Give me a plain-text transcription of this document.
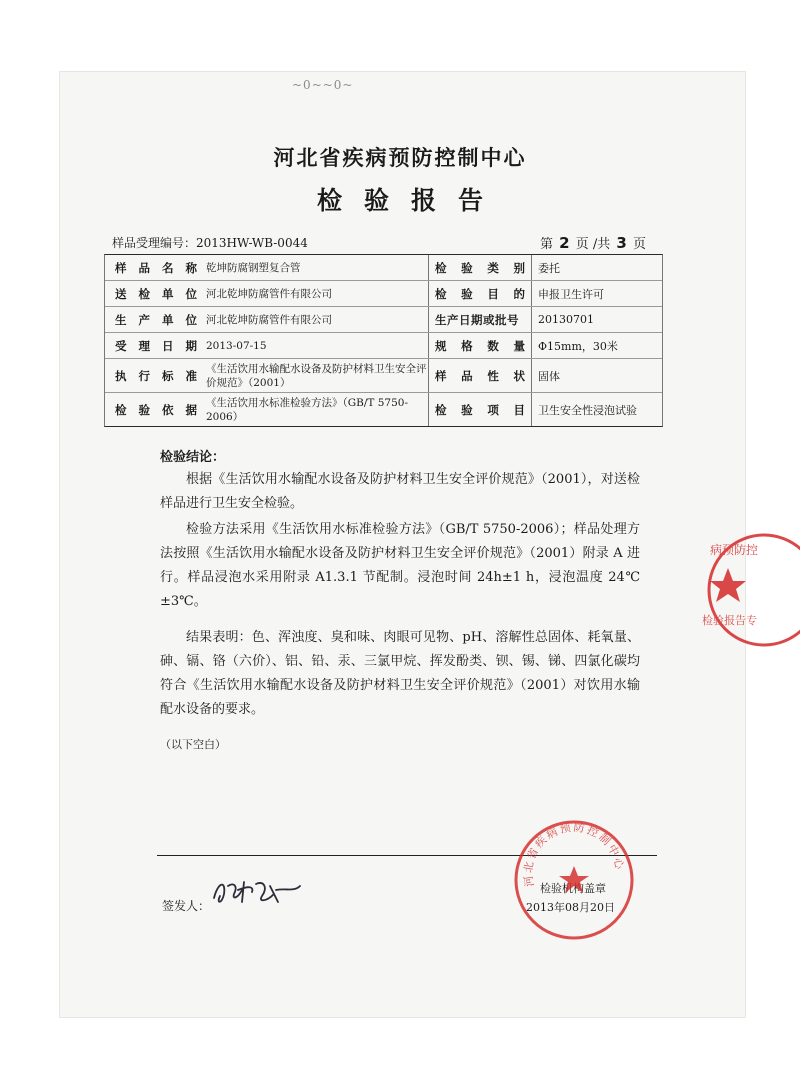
~0~~0~
河北省疾病预防控制中心
检验报告
样品受理编号：2013HW-WB-0044	第 2 页 /共 3 页
样 品 名 称 乾坤防腐钢塑复合管	检 验 类 别	委托
送 检 单 位 河北乾坤防腐管件有限公司	检 验 目 的	申报卫生许可
生 产 单 位 河北乾坤防腐管件有限公司	生产日期或批号	20130701
受 理 日 期 2013-07-15	规 格 数 量	Φ15mm，30米
执 行 标 准 《生活饮用水输配水设备及防护材料卫生安全评价规范》（2001）	样 品 性 状	固体
检 验 依 据 《生活饮用水标准检验方法》（GB/T 5750-2006）	检 验 项 目	卫生安全性浸泡试验
检验结论：
根据《生活饮用水输配水设备及防护材料卫生安全评价规范》（2001），对送检样品进行卫生安全检验。
检验方法采用《生活饮用水标准检验方法》（GB/T 5750-2006）；样品处理方法按照《生活饮用水输配水设备及防护材料卫生安全评价规范》（2001）附录 A 进行。样品浸泡水采用附录 A1.3.1 节配制。浸泡时间 24h±1 h，浸泡温度 24℃±3℃。
结果表明：色、浑浊度、臭和味、肉眼可见物、pH、溶解性总固体、耗氧量、砷、镉、铬（六价）、铝、铅、汞、三氯甲烷、挥发酚类、钡、锡、锑、四氯化碳均符合《生活饮用水输配水设备及防护材料卫生安全评价规范》（2001）对饮用水输配水设备的要求。
（以下空白）
签发人：
检验机构盖章
2013年08月20日
河北省疾病预防控制中心
病预防控
检验报告专
